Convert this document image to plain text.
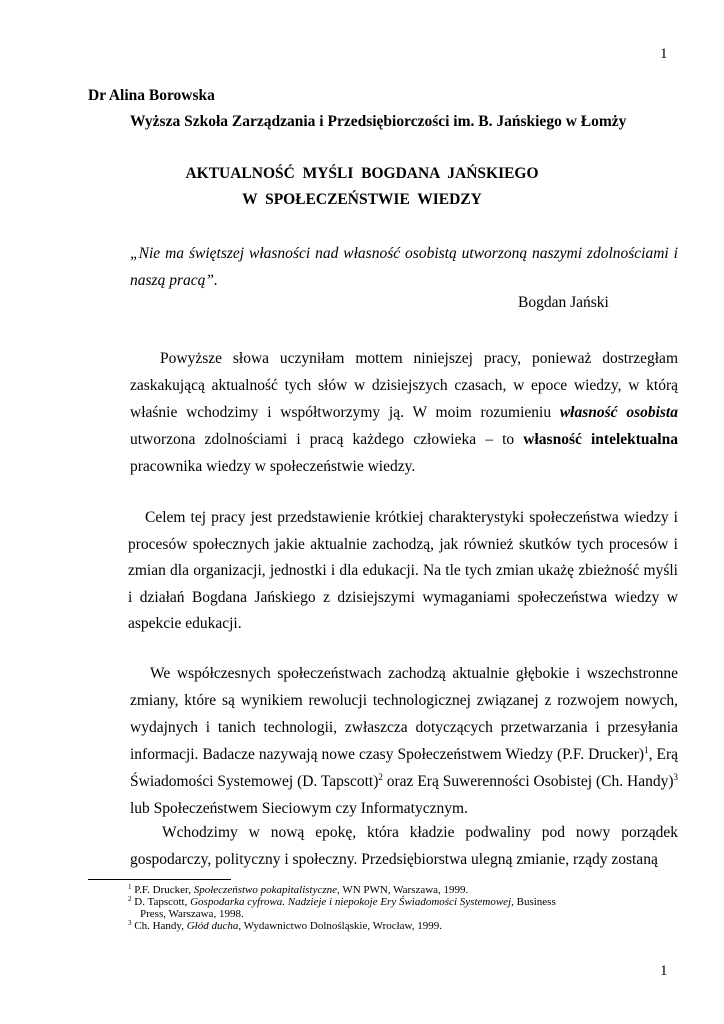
1
Dr Alina Borowska
Wyższa Szkoła Zarządzania i Przedsiębiorczości im. B. Jańskiego w Łomży
AKTUALNOŚĆ  MYŚLI  BOGDANA  JAŃSKIEGO
W  SPOŁECZEŃSTWIE  WIEDZY

„Nie ma świętszej własności nad własność osobistą utworzoną naszymi zdolnościami i naszą pracą”.

Bogdan Jański

Powyższe słowa uczyniłam mottem niniejszej pracy, ponieważ dostrzegłam zaskakującą aktualność tych słów w dzisiejszych czasach, w epoce wiedzy, w którą właśnie wchodzimy i współtworzymy ją. W moim rozumieniu własność osobista utworzona zdolnościami i pracą każdego człowieka – to własność intelektualna pracownika wiedzy w społeczeństwie wiedzy.

Celem tej pracy jest przedstawienie krótkiej charakterystyki społeczeństwa wiedzy i procesów społecznych jakie aktualnie zachodzą, jak również skutków tych procesów i zmian dla organizacji, jednostki i dla edukacji. Na tle tych zmian ukażę zbieżność myśli i działań Bogdana Jańskiego z dzisiejszymi wymaganiami społeczeństwa wiedzy w aspekcie edukacji.

We współczesnych społeczeństwach zachodzą aktualnie głębokie i wszechstronne zmiany, które są wynikiem rewolucji technologicznej związanej z rozwojem nowych, wydajnych i tanich technologii, zwłaszcza dotyczących przetwarzania i przesyłania informacji. Badacze nazywają nowe czasy Społeczeństwem Wiedzy (P.F. Drucker)$^1$, Erą Świadomości Systemowej (D. Tapscott)$^2$ oraz Erą Suwerenności Osobistej (Ch. Handy)$^3$ lub Społeczeństwem Sieciowym czy Informatycznym.

Wchodzimy w nową epokę, która kładzie podwaliny pod nowy porządek gospodarczy, polityczny i społeczny. Przedsiębiorstwa ulegną zmianie, rządy zostaną

$^1$ P.F. Drucker, Społeczeństwo pokapitalistyczne, WN PWN, Warszawa, 1999.

$^2$ D. Tapscott, Gospodarka cyfrowa. Nadzieje i niepokoje Ery Świadomości Systemowej, Business

Press, Warszawa, 1998.

$^3$ Ch. Handy, Głód ducha, Wydawnictwo Dolnośląskie, Wrocław, 1999.

1
